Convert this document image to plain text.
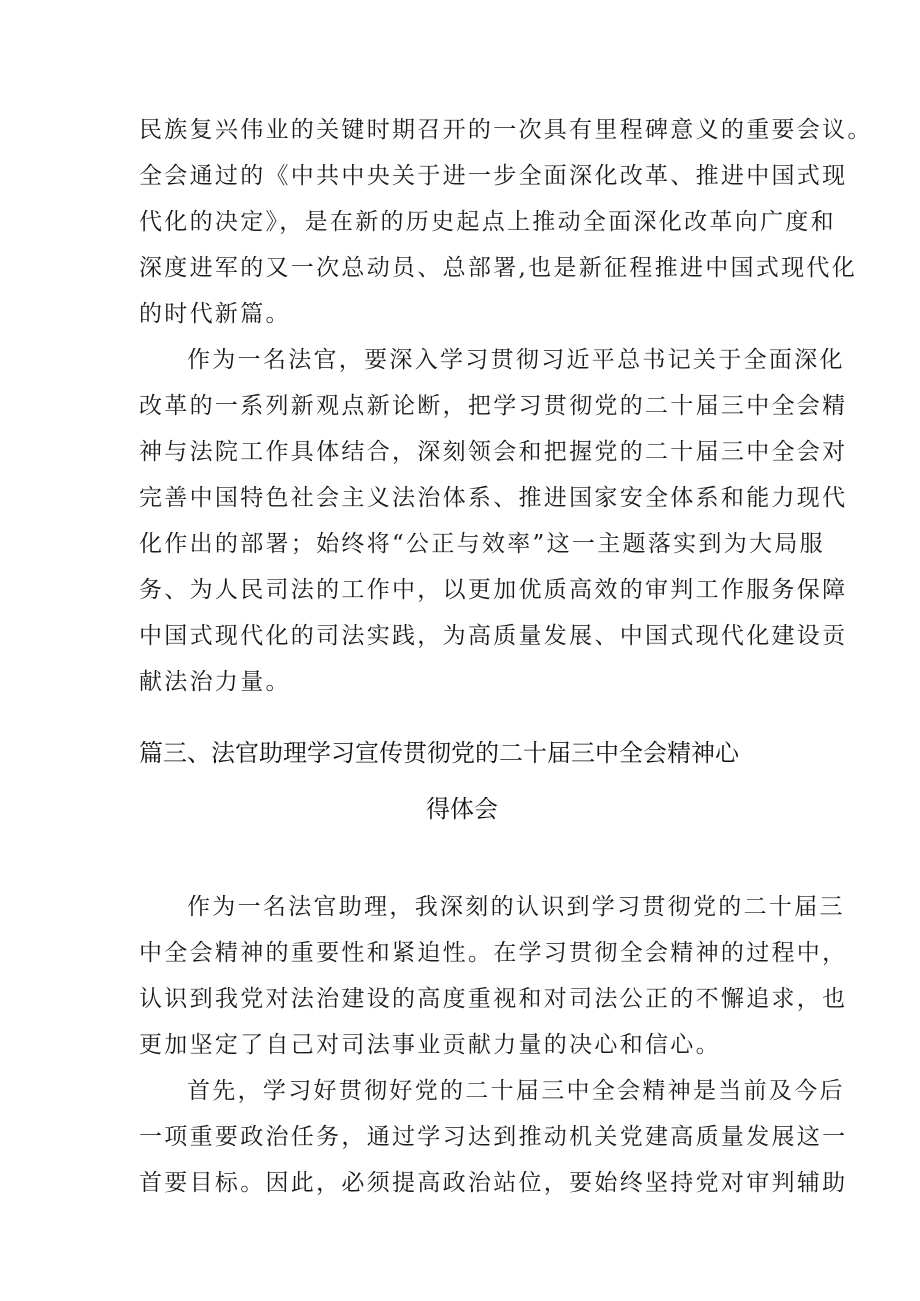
民族复兴伟业的关键时期召开的一次具有里程碑意义的重要会议。
全会通过的《中共中央关于进一步全面深化改革、推进中国式现
代化的决定》，是在新的历史起点上推动全面深化改革向广度和
深度进军的又一次总动员、总部署,也是新征程推进中国式现代化
的时代新篇。
作为一名法官，要深入学习贯彻习近平总书记关于全面深化
改革的一系列新观点新论断，把学习贯彻党的二十届三中全会精
神与法院工作具体结合，深刻领会和把握党的二十届三中全会对
完善中国特色社会主义法治体系、推进国家安全体系和能力现代
化作出的部署；始终将“公正与效率”这一主题落实到为大局服
务、为人民司法的工作中，以更加优质高效的审判工作服务保障
中国式现代化的司法实践，为高质量发展、中国式现代化建设贡
献法治力量。
篇三、法官助理学习宣传贯彻党的二十届三中全会精神心
得体会
作为一名法官助理，我深刻的认识到学习贯彻党的二十届三
中全会精神的重要性和紧迫性。在学习贯彻全会精神的过程中，
认识到我党对法治建设的高度重视和对司法公正的不懈追求，也
更加坚定了自己对司法事业贡献力量的决心和信心。
首先，学习好贯彻好党的二十届三中全会精神是当前及今后
一项重要政治任务，通过学习达到推动机关党建高质量发展这一
首要目标。因此，必须提高政治站位，要始终坚持党对审判辅助
